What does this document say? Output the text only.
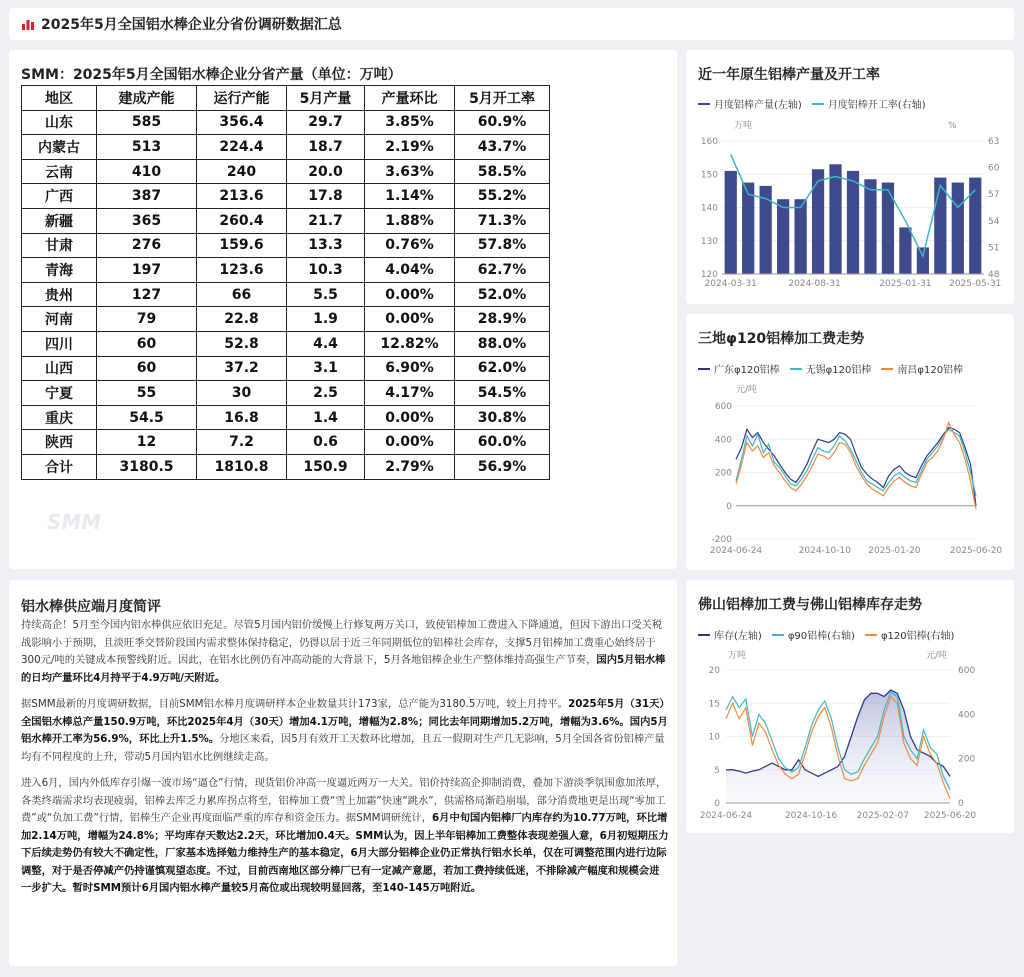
2025年5月全国铝水棒企业分省份调研数据汇总
SMM：2025年5月全国铝水棒企业分省产量（单位：万吨）
地区	建成产能	运行产能	5月产量	产量环比	5月开工率
山东	585	356.4	29.7	3.85%	60.9%
内蒙古	513	224.4	18.7	2.19%	43.7%
云南	410	240	20.0	3.63%	58.5%
广西	387	213.6	17.8	1.14%	55.2%
新疆	365	260.4	21.7	1.88%	71.3%
甘肃	276	159.6	13.3	0.76%	57.8%
青海	197	123.6	10.3	4.04%	62.7%
贵州	127	66	5.5	0.00%	52.0%
河南	79	22.8	1.9	0.00%	28.9%
四川	60	52.8	4.4	12.82%	88.0%
山西	60	37.2	3.1	6.90%	62.0%
宁夏	55	30	2.5	4.17%	54.5%
重庆	54.5	16.8	1.4	0.00%	30.8%
陕西	12	7.2	0.6	0.00%	60.0%
合计	3180.5	1810.8	150.9	2.79%	56.9%
SMM
铝水棒供应端月度简评

持续高企！5月至今国内铝水棒供应依旧充足。尽管5月国内铝价缓慢上行修复两万关口，致使铝棒加工费进入下降通道，但因下游出口受关税战影响小于预期，且淡旺季交替阶段国内需求整体保持稳定，仍得以居于近三年同期低位的铝棒社会库存，支撑5月铝棒加工费重心始终居于300元/吨的关键成本预警线附近。因此，在铝水比例仍有冲高动能的大背景下，5月各地铝棒企业生产整体维持高强生产节奏，国内5月铝水棒的日均产量环比4月持平于4.9万吨/天附近。

据SMM最新的月度调研数据，目前SMM铝水棒月度调研样本企业数量共计173家，总产能为3180.5万吨，较上月持平。2025年5月（31天）全国铝水棒总产量150.9万吨，环比2025年4月（30天）增加4.1万吨，增幅为2.8%；同比去年同期增加5.2万吨，增幅为3.6%。国内5月铝水棒开工率为56.9%，环比上升1.5%。分地区来看，因5月有效开工天数环比增加，且五一假期对生产几无影响，5月全国各省份铝棒产量均有不同程度的上升，带动5月国内铝水比例继续走高。

进入6月，国内外低库存引爆一波市场“逼仓”行情，现货铝价冲高一度逼近两万一大关。铝价持续高企抑制消费，叠加下游淡季氛围愈加浓厚，各类终端需求均表现疲弱，铝棒去库乏力累库拐点将至，铝棒加工费“雪上加霜”快速“跳水”，供需格局渐趋崩塌，部分消费地更是出现“零加工费”或“负加工费”行情，铝棒生产企业再度面临严重的库存和资金压力。据SMM调研统计，6月中旬国内铝棒厂内库存约为10.77万吨，环比增加2.14万吨，增幅为24.8%；平均库存天数达2.2天，环比增加0.4天。SMM认为，因上半年铝棒加工费整体表现差强人意，6月初短期压力下后续走势仍有较大不确定性，厂家基本选择勉力维持生产的基本稳定，6月大部分铝棒企业仍正常执行铝水长单，仅在可调整范围内进行边际调整，对于是否停减产仍持谨慎观望态度。不过，目前西南地区部分棒厂已有一定减产意愿，若加工费持续低迷，不排除减产幅度和规模会进一步扩大。暂时SMM预计6月国内铝水棒产量较5月高位或出现较明显回落，至140-145万吨附近。

近一年原生铝棒产量及开工率
月度铝棒产量(左轴)	月度铝棒开工率(右轴)
万吨	%
120
130
140
150
160
48
51
54
57
60
63
2024-03-31	2024-08-31	2025-01-31 2025-05-31
三地φ120铝棒加工费走势
广东φ120铝棒	无锡φ120铝棒	南昌φ120铝棒
元/吨
-200
0
200
400
600
2024-06-24	2024-10-10 2025-01-20	2025-06-20
佛山铝棒加工费与佛山铝棒库存走势
库存(左轴)	φ90铝棒(右轴)	φ120铝棒(右轴)
万吨	元/吨
0
5
10
15
20
0
200
400
600
2024-06-24	2024-10-16 2025-02-07 2025-06-20
